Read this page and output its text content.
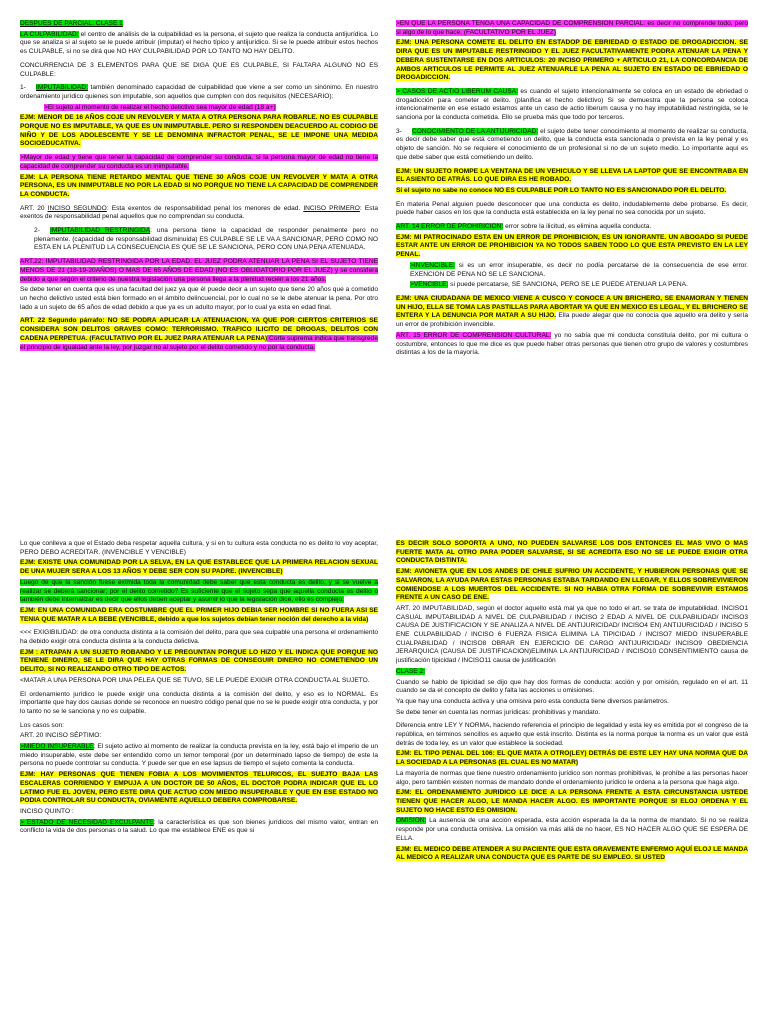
DESPUES DE PARCIAL. CLASE 1

LA CULPABILIDAD: el centro de análisis de la culpabilidad es la persona, el sujeto que realiza la conducta antijurídica. Lo que se analiza si al sujeto se le puede atribuir (imputar) el hecho típico y antijurídico. Si se le puede atribuir estos hechos es CULPABLE, si no se dirá que NO HAY CULPABILIDAD POR LO TANTO NO HAY DELITO.

CONCURRENCIA DE 3 ELEMENTOS PARA QUE SE DIGA QUE ES CULPABLE, SI FALTARA ALGUNO NO ES CULPABLE:

1- IMPUTABILIDAD: también denominado capacidad de culpabilidad que viene a ser como un sinónimo. En nuestro ordenamiento jurídico quienes son imputable, son aquellos que cumplen con dos requisitos (NECESARIO):

>El sujeto al momento de realizar el hecho delictivo sea mayor de edad (18 a+)

EJM: MENOR DE 16 AÑOS COJE UN REVOLVER Y MATA A OTRA PERSONA PARA ROBARLE. NO ES CULPABLE PORQUE NO ES IMPUTABLE, YA QUE ES UN INIMPUTABLE. PERO SI RESPONDEN DEACUERDO AL CODIGO DE NIÑO Y DE LOS ADOLESCENTE Y SE LE DENOMINA INFRACTOR PENAL, SE LE IMPONE UNA MEDIDA SOCIOEDUCATIVA.

>Mayor de edad y tiene que tener la capacidad de comprender su conducta, si la persona mayor de edad no tiene la capacidad de comprender su conducta es un inimputable.

EJM: LA PERSONA TIENE RETARDO MENTAL QUE TIENE 30 AÑOS COJE UN REVOLVER Y MATA A OTRA PERSONA, ES UN INIMPUTABLE NO POR LA EDAD SI NO PORQUE NO TIENE LA CAPACIDAD DE COMPRENDER LA CONDUCTA.

ART. 20 INCISO SEGUNDO: Esta exentos de responsabilidad penal los menores de edad. INCISO PRIMERO: Esta exentos de responsabilidad penal aquellos que no comprendan su conducta.

2- IMPUTABILIDAD RESTRINGIDA: una persona tiene la capacidad de responder penalmente pero no plenamente. (capacidad de responsabilidad disminuida) ES CULPABLE SE LE VA A SANCIONAR, PERO COMO NO ESTA EN LA PLENITUD LA CONSECUENCIA ES QUE SE LE SANCIONA, PERO CON UNA PENA ATENUADA.

ART.22: IMPUTABILIDAD RESTRINGIDA POR LA EDAD. EL JUEZ PODRA ATENUAR LA PENA SI EL SUJETO TIENE MENOS DE 21 (18-19-20AÑOS) O MAS DE 65 AÑOS DE EDAD (NO ES OBLIGATORIO POR EL JUEZ) y se considera debido a que según el criterio de nuestra legislación una persona llega a la plenitud recién a los 21 años.

Se debe tener en cuenta que es una facultad del juez ya que él puede decir a un sujeto que tiene 20 años que a cometido un hecho delictivo usted está bien formado en el ámbito delincuencial, por lo cual no se le debe atenuar la pena. Por otro lado a un sujeto de 65 años de edad debido a que ya es un adulto mayor, por lo cual ya esta en edad final.

ART. 22 Segundo párrafo: NO SE PODRA APLICAR LA ATENUACION, YA QUE POR CIERTOS CRITERIOS SE CONSIDERA SON DELITOS GRAVES COMO: TERRORISMO. TRAFICO ILICITO DE DROGAS, DELITOS CON CADENA PERPETUA. (FACULTATIVO POR EL JUEZ PARA ATENUAR LA PENA) Corte suprema indica que transgrede el principio de igualdad ante la ley, por juzgar no al sujeto por el delito cometido y no por la conducta.

>EN QUE LA PERSONA TENGA UNA CAPACIDAD DE COMPRENSIÓN PARCIAL: es decir no comprende todo, pero si algo de lo que hace. (FACULTATIVO POR EL JUEZ)

EJM: UNA PERSONA COMETE EL DELITO EN ESTADOP DE EBRIEDAD O ESTADO DE DROGADICCION. SE DIRA QUE ES UN IMPUTABLE RESTRINGIDO Y EL JUEZ FACULTATIVAMENTE PODRA ATENUAR LA PENA Y DEBERA SUSTENTARSE EN DOS ARTICULOS: 20 INCISO PRIMERO + ARTICULO 21, LA CONCORDANCIA DE AMBOS ARTICULOS LE PERMITE AL JUEZ ATENUARLE LA PENA AL SUJETO EN ESTADO DE EBRIEDAD O DROGADICCION.

> CASOS DE ACTIO LIBERUM CAUSA: es cuando el sujeto intencionalmente se coloca en un estado de ebriedad o drogadicción para cometer el delito. (planifica el hecho delictivo) Si se demuestra que la persona se coloca intencionalmente en ese estado estamos ante un caso de actio liberum causa y no hay imputabilidad restringida, se le sanciona por la conducta cometida. Ello se prueba más que todo por terceros.

3- CONOCIMIENTO DE LA ANTIJURICIDAD: el sujeto debe tener conocimiento al momento de realizar su conducta, es decir debe saber que está cometiendo un delito, que la conducta esta sancionada o prevista en la ley penal y es objeto de sanción. No se requiere el conocimiento de un profesional si no de un sujeto medio. Lo importante aquí es que debe saber que está cometiendo un delito.

EJM: UN SUJETO ROMPE LA VENTANA DE UN VEHICULO Y SE LLEVA LA LAPTOP QUE SE ENCONTRABA EN EL ASIENTO DE ATRÁS. LO QUE DIRA ES HE ROBADO.

Si el sujeto no sabe no conoce NO ES CULPABLE POR LO TANTO NO ES SANCIONADO POR EL DELITO.

En materia Penal alguien puede desconocer que una conducta es delito, indudablemente debe probarse. Es decir, puede haber casos en los que la conducta está establecida en la ley penal no sea conocida por un sujeto.

ART. 14 ERROR DE PROHIBICION: error sobre la ilicitud, es elimina aquella conducta.

EJM: MI PATROCINADO ESTA EN UN ERROR DE PROHIBICION, ES UN IGNORANTE. UN ABOGADO SI PUEDE ESTAR ANTE UN ERROR DE PROHIBICION YA NO TODOS SABEN TODO LO QUE ESTA PREVISTO EN LA LEY PENAL.

>INVENCIBLE: si es un error insuperable, es decir no podía percatarse de la consecuencia de ese error. EXENCION DE PENA NO SE LE SANCIONA.

>VENCIBLE: si puede percatarse, SE SANCIONA, PERO SE LE PUEDE ATENUAR LA PENA.

EJM: UNA CIUDADANA DE MEXICO VIENE A CUSCO Y CONOCE A UN BRICHERO, SE ENAMORAN Y TIENEN UN HIJO, ELLA SE TOMA LAS PASTILLAS PARA ABORTAR YA QUE EN MEXICO ES LEGAL, Y EL BRICHERO SE ENTERA Y LA DENUNCIA POR MATAR A SU HIJO. Ella puede alegar que no conocía que aquello era delito y sería un error de prohibición invencible.

ART. 15 ERROR DE COMPRENSION CULTURAL: yo no sabía que mi conducta constituía delito, por mi cultura o costumbre, entonces lo que me dice es que puede haber otras personas que tienen otro grupo de valores y costumbres distintas a los de la mayoría.

Lo que conlleva a que el Estado deba respetar aquella cultura, y si en tu cultura esta conducta no es delito lo voy aceptar, PERO DEBO ACREDITAR. (INVENCIBLE Y VENCIBLE)

EJM: EXISTE UNA COMUNIDAD POR LA SELVA, EN LA QUE ESTABLECE QUE LA PRIMERA RELACION SEXUAL DE UNA MUJER SERA A LOS 13 AÑOS Y DEBE SER CON SU PADRE. (INVENCIBLE)

Luego de que la sanción fuese eximida toda la comunidad debe saber que esta conducta es delito, y si se vuelve a realizar se deberá sancionar; por el delito cometido? Es suficiente que el sujeto sepa que aquella conducta es delito o también debe internalizar es decir que ellos deben aceptar y asumir lo que la legislación dice, ello es complejo.

EJM: EN UNA COMUNIDAD ERA COSTUMBRE QUE EL PRIMER HIJO DEBIA SER HOMBRE SI NO FUERA ASI SE TENIA QUE MATAR A LA BEBE (VENCIBLE, debido a que los sujetos debían tener noción del derecho a la vida)

<<< EXIGIBILIDAD: de otra conducta distinta a la comisión del delito, para que sea culpable una persona el ordenamiento ha debido exigir otra conducta distinta a la conducta delictiva.

EJM : ATRAPAN A UN SUJETO ROBANDO Y LE PREGUNTAN PORQUE LO HIZO Y EL INDICA QUE PORQUE NO TENIENE DINERO, SE LE DIRA QUE HAY OTRAS FORMAS DE CONSEGUIR DINERO NO COMETIENDO UN DELITO, SI NO REALIZANDO OTRO TIPO DE ACTOS.

<MATAR A UNA PERSONA POR UNA PELEA QUE SE TUVO, SE LE PUEDE EXIGIR OTRA CONDUCTA AL SUJETO.

El ordenamiento jurídico le puede exigir una conducta distinta a la comisión del delito, y eso es lo NORMAL. Es importante que hay dos causas donde se reconoce en nuestro código penal que no se le puede exigir otra conducta, y por lo tanto no se le sanciona y no es culpable.

Los casos son:

ART. 20 INCISO SÉPTIMO:

>MIEDO INSUPERABLE: El sujeto activo al momento de realizar la conducta prevista en la ley, está bajo el imperio de un miedo insuperable, este debe ser entendido como un temor temporal (por un determinado lapso de tiempo) de este la persona no puede controlar su conducta. Y puede ser que en ese lapsus de tiempo el sujeto comenta la conducta.

EJM: HAY PERSONAS QUE TIENEN FOBIA A LOS MOVIMIENTOS TELURICOS, EL SUEJTO BAJA LAS ESCALERAS CORRIENDO Y EMPUJA A UN DOCTOR DE 50 AÑOS, EL DOCTOR PODRA INDICAR QUE EL LO LATIMO FUE EL JOVEN, PERO ESTE DIRA QUE ACTUO CON MIEDO INSUPERABLE Y QUE EN ESE ESTADO NO PODIA CONTROLAR SU CONDUCTA, OVIAMENTE AQUELLO DEBERA COMPROBARSE.

INCISO QUINTO :

> ESTADO DE NECESIDAD EXCULPANTE: la característica es que son bienes jurídicos del mismo valor, entran en conflicto la vida de dos personas o la salud. Lo que me establece ENE es que si

ES DECIR SOLO SOPORTA A UNO, NO PUEDEN SALVARSE LOS DOS ENTONCES EL MAS VIVO O MAS FUERTE MATA AL OTRO PARA PODER SALVARSE, SI SE ACREDITA ESO NO SE LE PUEDE EXIGIR OTRA CONDUCTA DISTINTA.

EJM: AVIONETA QUE EN LOS ANDES DE CHILE SUFRIO UN ACCIDENTE, Y HUBIERON PERSONAS QUE SE SALVARON, LA AYUDA PARA ESTAS PERSONAS ESTABA TARDANDO EN LLEGAR, Y ELLOS SOBREVIVIERON COMIENDOSE A LOS MUERTOS DEL ACCIDENTE. SI NO HABIA OTRA FORMA DE SOBREVIVIR ESTAMOS FRENTE A UN CASO DE ENE.

ART. 20 IMPUTABILIDAD, según el doctor aquello está mal ya que no todo el art. se trata de imputabilidad. INCISO1 CASUAL IMPUTABILIDAD A NIVEL DE CULPABILIDAD / INCISO 2 EDAD A NIVEL DE CULPABILIDAD/ INCISO3 CAUSA DE JUSTIFICACION Y SE ANALIZA A NIVEL DE ANTIJURICIDAD/ INCISO4 EN) ANTIJURICIDAD / INCISO 5 ENE CULPABILIDAD / INCISO 6 FUERZA FISICA ELIMINA LA TIPICIDAD / INCISO7 MIEDO INSUPERABLE CUALPABILIDAD / INCISO8 OBRAR EN EJERCICIO DE CARGO ANTIJURICIDAD/ INCISO9 OBEDIENCIA JERARQUICA (CAUSA DE JUSTIFICACION)ELIMINA LA ANTIJURICIDAD / INCISO10 CONSENTIMIENTO causa de justificación tipicidad / INCISO11 causa de justificación

CLASE 2:

Cuando se hablo de tipicidad se dijo que hay dos formas de conducta: acción y por omisión, regulado en el art. 11 cuando se da el concepto de delito y falta las acciones u omisiones.

Ya que hay una conducta activa y una omisiva pero esta conducta tiene diversos parámetros.

Se debe tener en cuenta las normas jurídicas: prohibitivas y mandato.

Diferencia entre LEY Y NORMA, haciendo referencia el principio de legalidad y esta ley es emitida por el congreso de la república, en términos sencillos es aquello que está inscrito. Distinta es la norma porque la norma es un valor que está detrás de toda ley, es un valor que establece la sociedad.

EJM: EL TIPO PENAL DEL 106: EL QUE MATA A OTRO(LEY) DETRÁS DE ESTE LEY HAY UNA NORMA QUE DA LA SOCIEDAD A LA PERSONAS (EL CUAL ES NO MATAR)

La mayoría de normas que tiene nuestro ordenamiento jurídico son normas prohibitivas, le prohíbe a las personas hacer algo, pero también existen normas de mandato donde el ordenamiento jurídico le ordena a la persona que haga algo.

EJM: EL ORDENAMIENTO JURIDICO LE DICE A LA PERSONA FRENTE A ESTA CIRCUNSTANCIA USTEDE TIENEN QUE HACER ALGO, LE MANDA HACER ALGO. ES IMPORTANTE PORQUE SI ELOJ ORDENA Y EL SUJETO NO HACE ESTO ES OMISION.

OMISION: La ausencia de una acción esperada, esta acción esperada la da la norma de mandato. Si no se realiza responde por una conducta omisiva. La omisión va más allá de no hacer, ES NO HACER ALGO QUE SE ESPERA DE ELLA.

EJM: EL MEDICO DEBE ATENDER A SU PACIENTE QUE ESTA GRAVEMENTE ENFERMO AQUÍ ELOJ LE MANDA AL MEDICO A REALIZAR UNA CONDUCTA QUE ES PARTE DE SU EMPLEO. SI USTED
